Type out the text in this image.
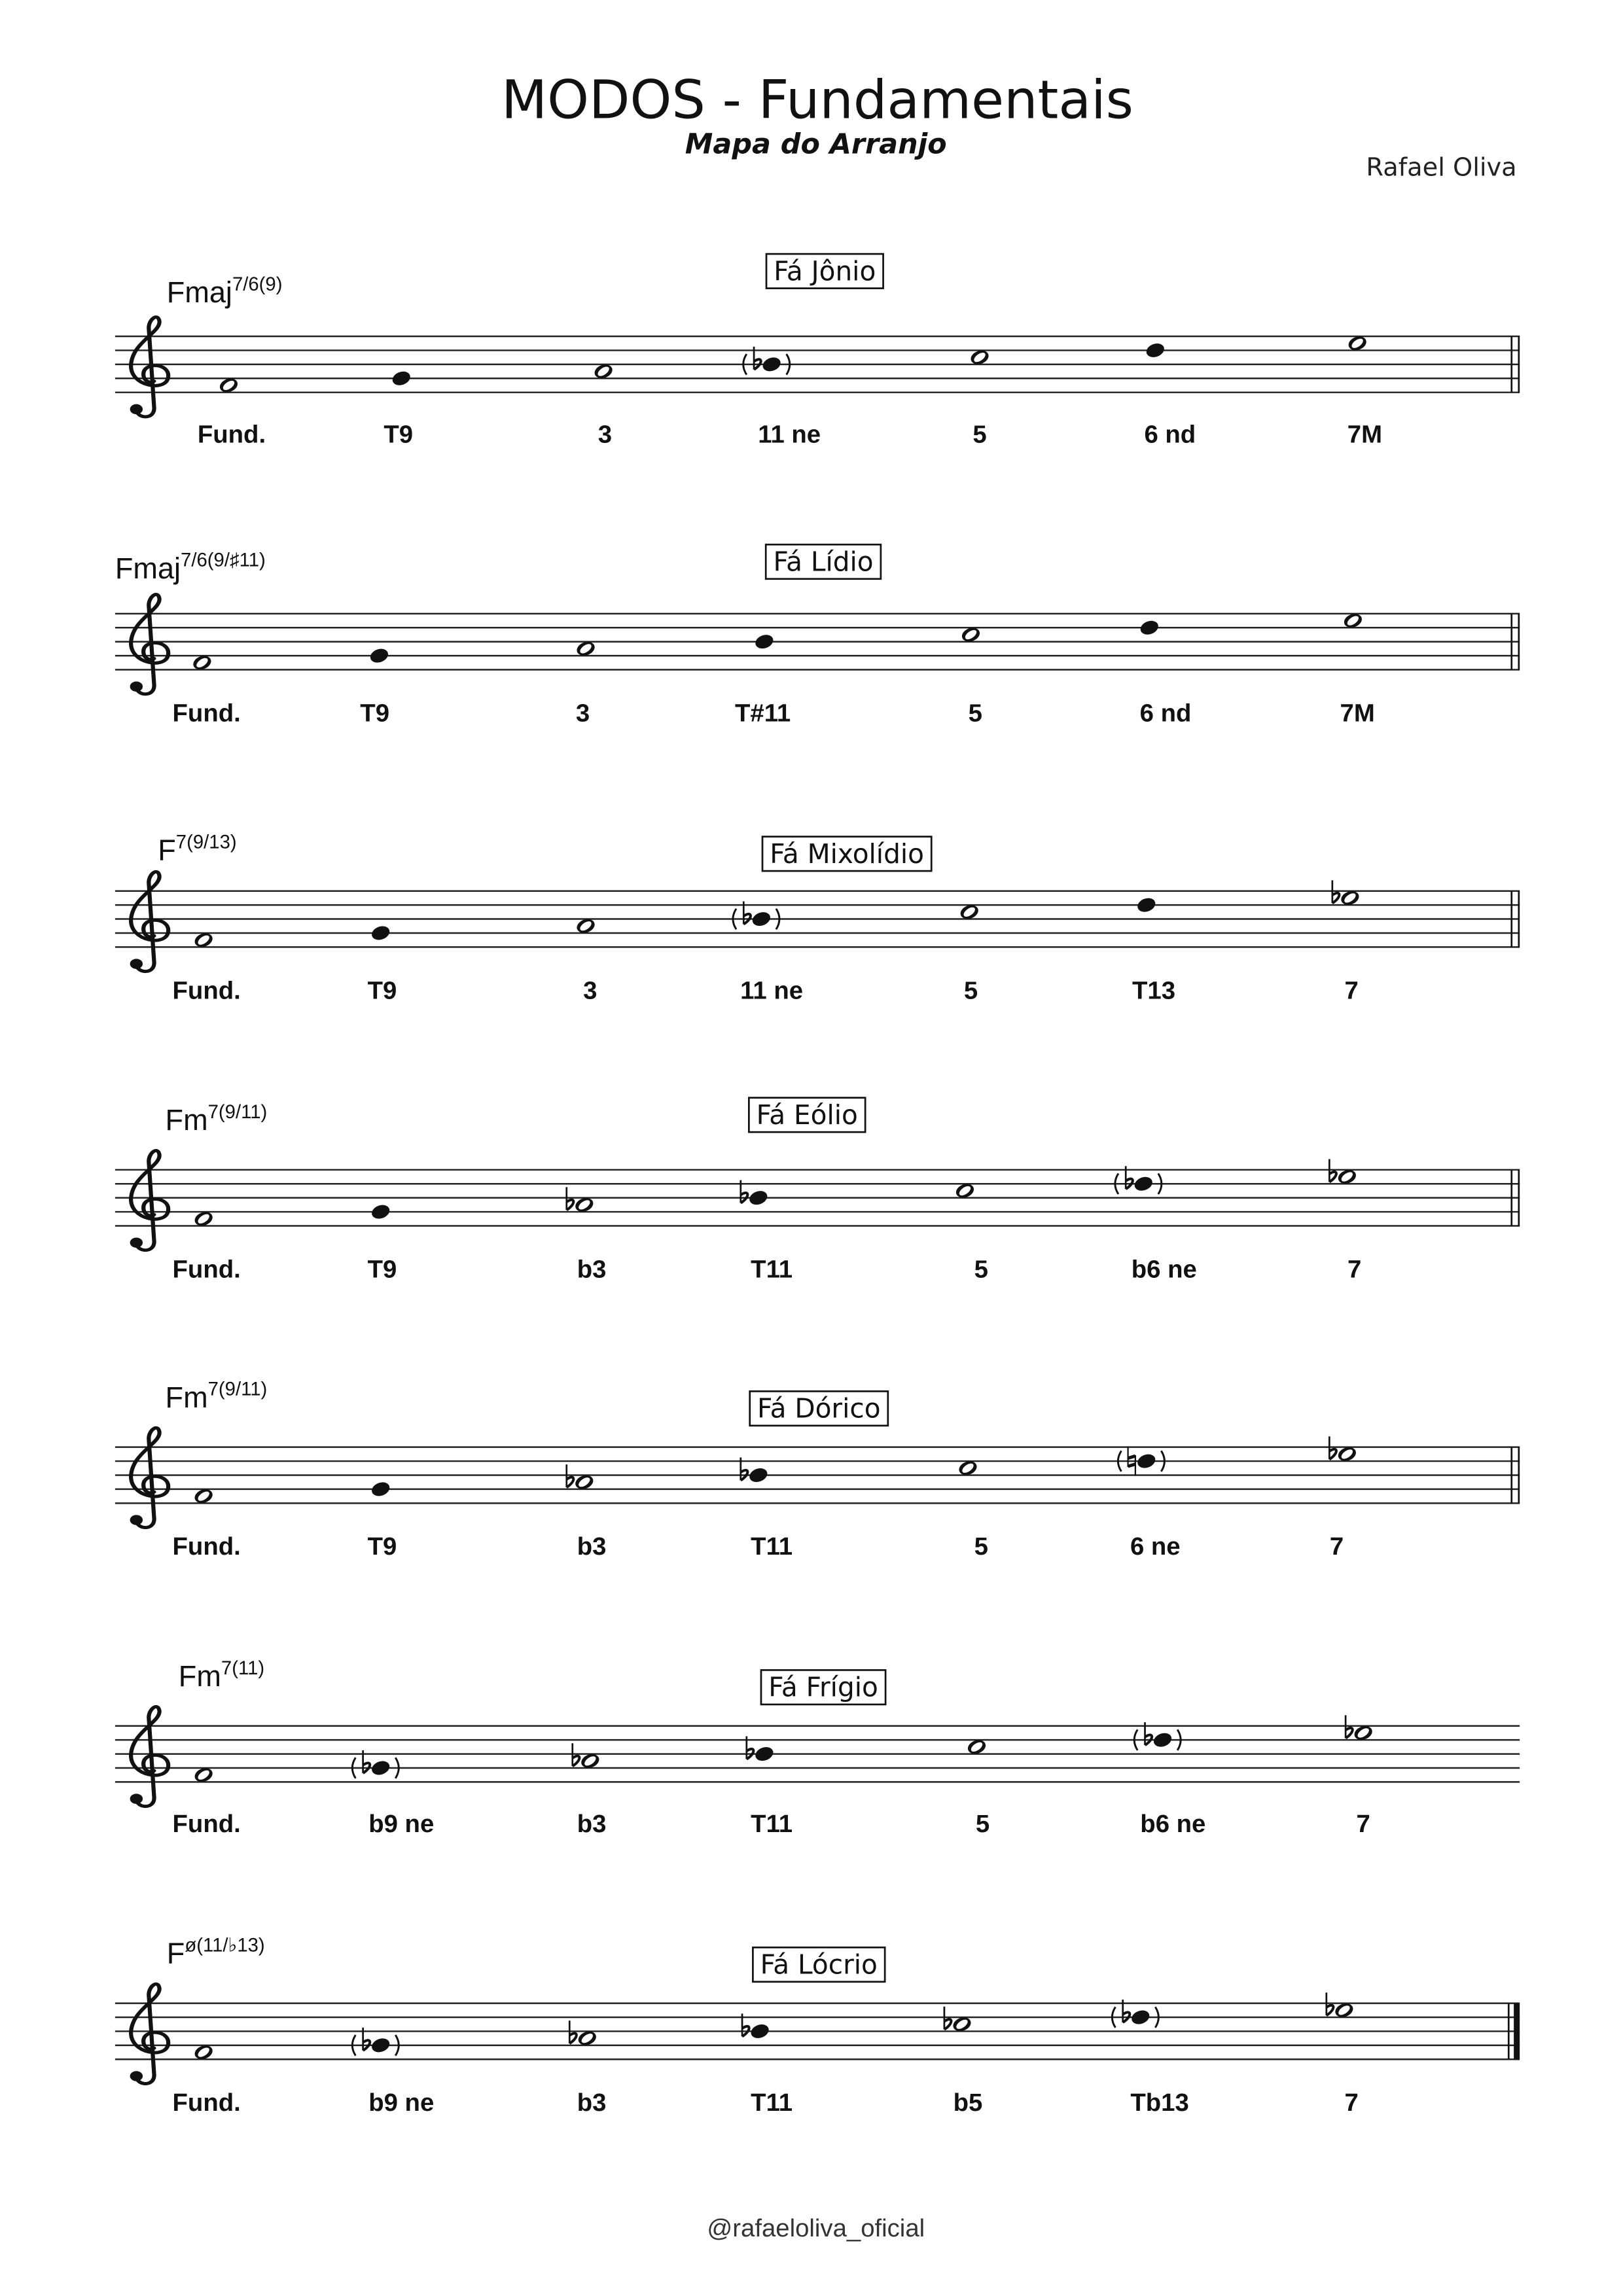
MODOS - Fundamentais
Mapa do Arranjo
Rafael Oliva
Fmaj$^{7/6(9)}$	Fá Jônio
Fund.	T9	3	11 ne	5	6 nd	7M
Fmaj$^{7/6(9/♯11)}$	Fá Lídio
Fund.	T9	3	T#11	5	6 nd	7M
$F^{7(9/13)}$	Fá Mixolídio
Fund.	T9	3	11 ne	5	T13	7
$Fm^{7(9/11)}$	Fá Eólio
Fund.	T9	b3	T11	5	b6 ne	7
$Fm^{7(9/11)}$
Fá Dórico
Fund.	T9	b3	T11	5	6 ne	7
$Fm^{7(11)}$
Fá Frígio
Fund.	b9 ne	b3	T11	5	b6 ne	7
$F^{ø(11/♭13)}$
Fá Lócrio
Fund.	b9 ne	b3	T11	b5	Tb13	7
@rafaeloliva_oficial
